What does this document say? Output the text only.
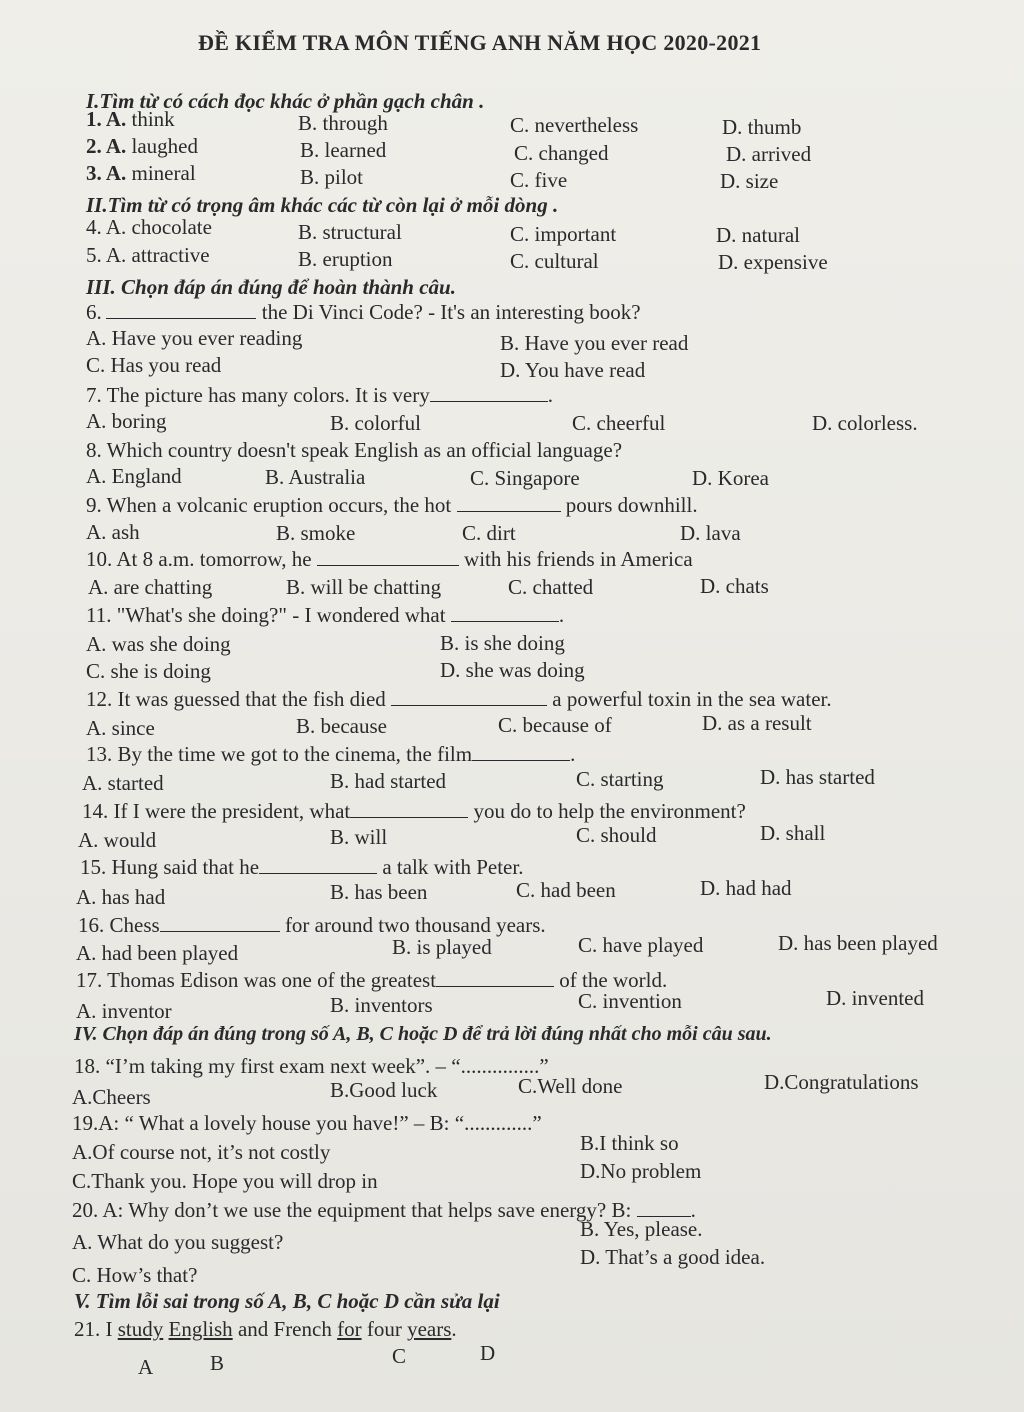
ĐỀ KIỂM TRA MÔN TIẾNG ANH NĂM HỌC 2020-2021
I.Tìm từ có cách đọc khác ở phần gạch chân .
1. A. think	B. through	C. nevertheless	D. thumb
2. A. laughed	B. learned	C. changed	D. arrived
3. A. mineral	B. pilot	C. five	D. size
II.Tìm từ có trọng âm khác các từ còn lại ở mỗi dòng .
4. A. chocolate	B. structural	C. important	D. natural
5. A. attractive	B. eruption	C. cultural	D. expensive
III. Chọn đáp án đúng để hoàn thành câu.
6.	the Di Vinci Code? - It's an interesting book?
A. Have you ever reading	B. Have you ever read
C. Has you read	D. You have read
7. The picture has many colors. It is very	.
A. boring	B. colorful	C. cheerful	D. colorless.
8. Which country doesn't speak English as an official language?
A. England	B. Australia	C. Singapore	D. Korea
9. When a volcanic eruption occurs, the hot	pours downhill.
A. ash	B. smoke	C. dirt	D. lava
10. At 8 a.m. tomorrow, he	with his friends in America
A. are chatting	B. will be chatting	C. chatted	D. chats
11. "What's she doing?" - I wondered what	.
A. was she doing	B. is she doing
C. she is doing	D. she was doing
12. It was guessed that the fish died	a powerful toxin in the sea water.
A. since	B. because	C. because of	D. as a result
13. By the time we got to the cinema, the film	.
A. started	B. had started	C. starting	D. has started
14. If I were the president, what	you do to help the environment?
A. would	B. will	C. should	D. shall
15. Hung said that he	a talk with Peter.
A. has had	B. has been	C. had been	D. had had
16. Chess	for around two thousand years.
A. had been played	B. is played	C. have played	D. has been played
17. Thomas Edison was one of the greatest	of the world.
A. inventor	B. inventors	C. invention	D. invented
IV. Chọn đáp án đúng trong số A, B, C hoặc D để trả lời đúng nhất cho mỗi câu sau.
18. “I’m taking my first exam next week”. – “...............”
A.Cheers	B.Good luck	C.Well done	D.Congratulations
19.A: “ What a lovely house you have!” – B: “.............”
A.Of course not, it’s not costly	B.I think so
C.Thank you. Hope you will drop in	D.No problem
20. A: Why don’t we use the equipment that helps save energy? B:	.
A. What do you suggest?
B. Yes, please.
C. How’s that?
D. That’s a good idea.
V. Tìm lỗi sai trong số A, B, C hoặc D cần sửa lại
21. I study English and French for four years.
A	B	C	D
